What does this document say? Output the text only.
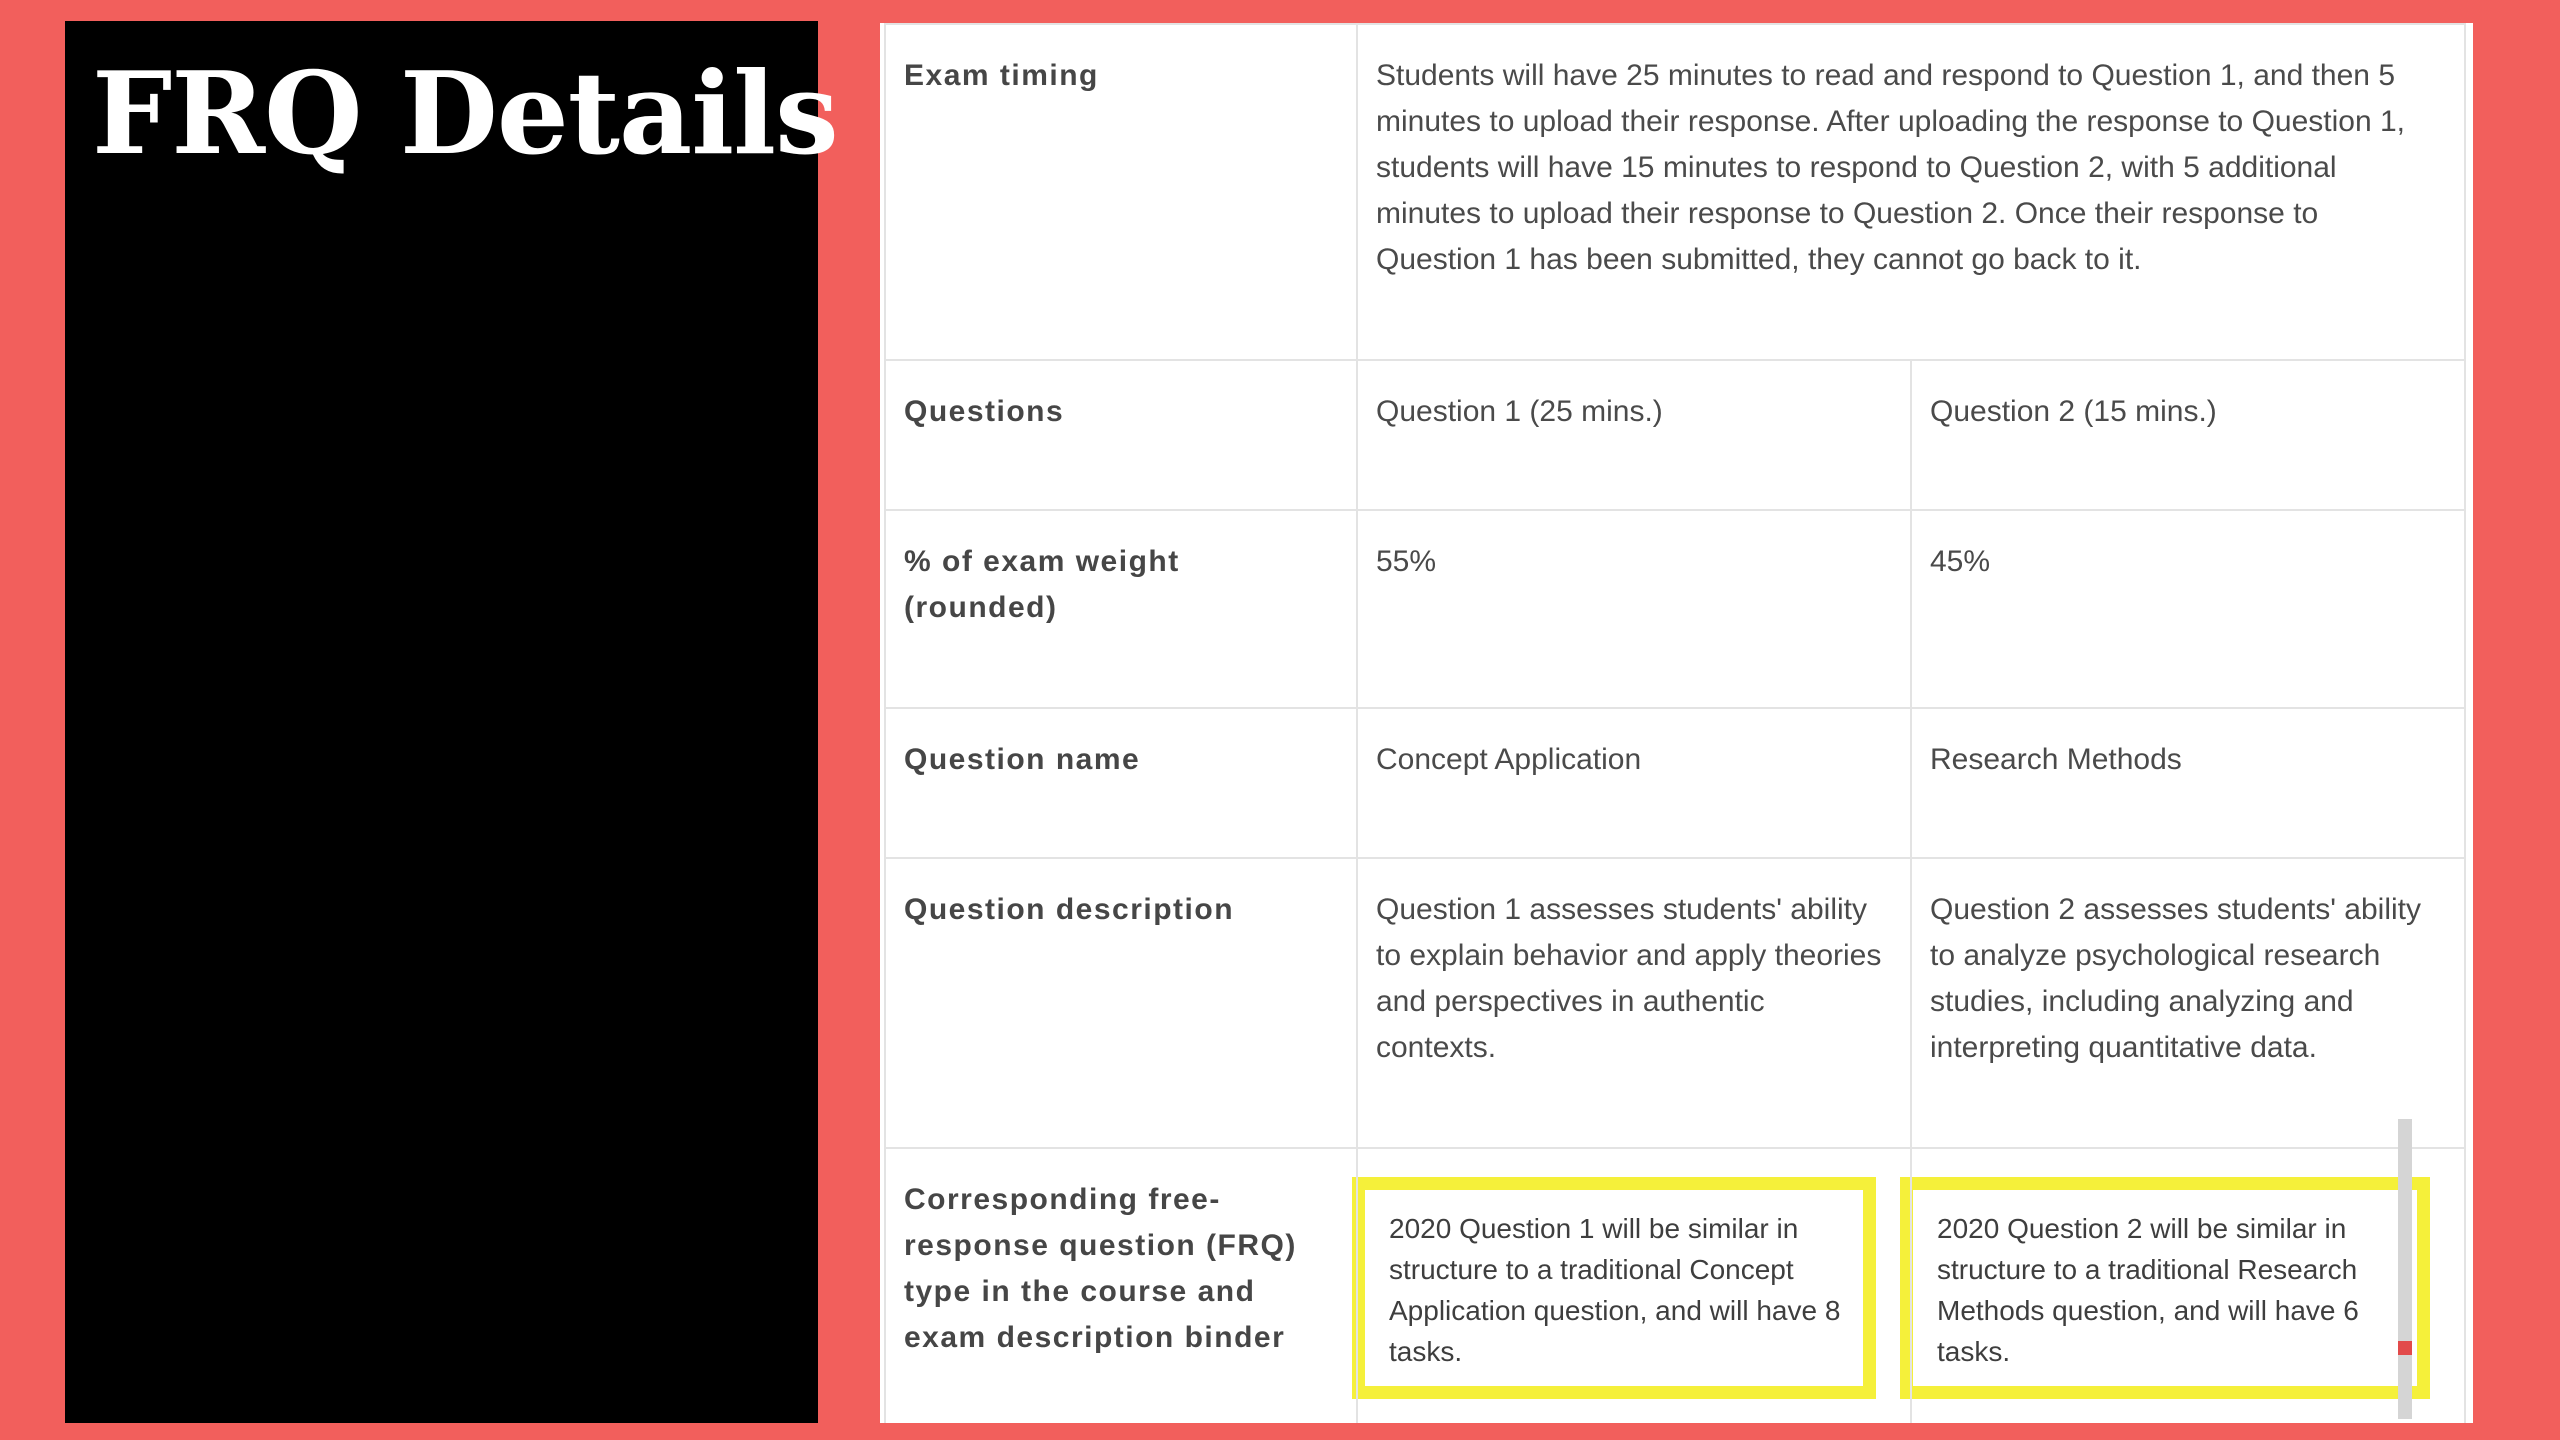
FRQ Details Exam timing	Students will have 25 minutes to read and respond to Question 1, and then 5 minutes to upload their response. After uploading the response to Question 1, students will have 15 minutes to respond to Question 2, with 5 additional minutes to upload their response to Question 2. Once their response to Question 1 has been submitted, they cannot go back to it.	
Questions	Question 1 (25 mins.)	Question 2 (15 mins.)
% of exam weight (rounded)	55%	45%
Question name	Concept Application	Research Methods
Question description	Question 1 assesses students' ability to explain behavior and apply theories and perspectives in authentic contexts.	Question 2 assesses students' ability to analyze psychological research studies, including analyzing and interpreting quantitative data.
Corresponding free-response question (FRQ) type in the course and exam description binder	2020 Question 1 will be similar in structure to a traditional Concept Application question, and will have 8 tasks.	2020 Question 2 will be similar in structure to a traditional Research Methods question, and will have 6 tasks.
